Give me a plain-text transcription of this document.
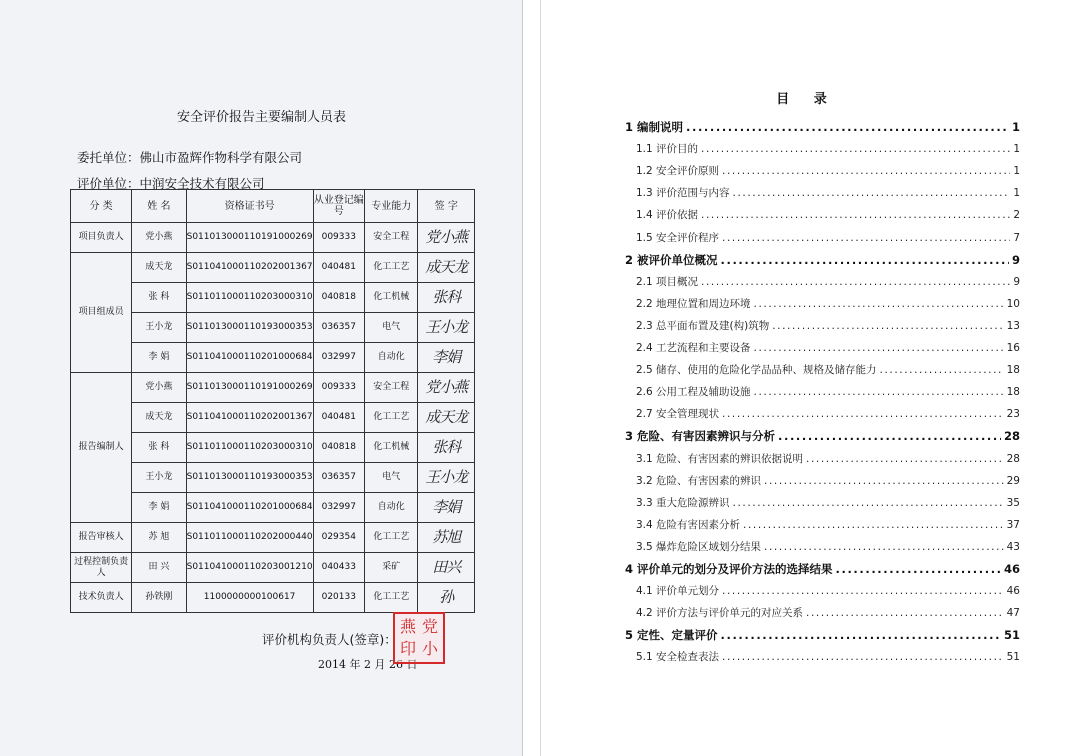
安全评价报告主要编制人员表
委托单位：佛山市盈辉作物科学有限公司
评价单位：中润安全技术有限公司
分 类	姓 名	资格证书号	从业登记编号	专业能力	签 字
项目负责人	党小燕	S011013000110191000269	009333	安全工程	党小燕
项目组成员	成天龙	S011041000110202001367	040481	化工工艺	成天龙
	张 科	S011011000110203000310	040818	化工机械	张科
	王小龙	S011013000110193000353	036357	电气	王小龙
	李 娟	S011041000110201000684	032997	自动化	李娟
报告编制人	党小燕	S011013000110191000269	009333	安全工程	党小燕
	成天龙	S011041000110202001367	040481	化工工艺	成天龙
	张 科	S011011000110203000310	040818	化工机械	张科
	王小龙	S011013000110193000353	036357	电气	王小龙
	李 娟	S011041000110201000684	032997	自动化	李娟
报告审核人	苏 旭	S011011000110202000440	029354	化工工艺	苏旭
过程控制负责人	田 兴	S011041000110203001210	040433	采矿	田兴
技术负责人	孙铁刚	1100000000100617	020133	化工工艺	孙
评价机构负责人(签章)：
2014 年 2 月 26 日
燕 党
印 小
目 录
1 编制说明 .....	1
1.1 评价目的 .....	1
1.2 安全评价原则 .....	1
1.3 评价范围与内容 .....	1
1.4 评价依据 .....	2
1.5 安全评价程序 .....	7
2 被评价单位概况 .....	9
2.1 项目概况 .....	9
2.2 地理位置和周边环境 .....	10
2.3 总平面布置及建(构)筑物 .....	13
2.4 工艺流程和主要设备 .....	16
2.5 储存、使用的危险化学品品种、规格及储存能力 .....	18
2.6 公用工程及辅助设施 .....	18
2.7 安全管理现状 .....	23
3 危险、有害因素辨识与分析 .....	28
3.1 危险、有害因素的辨识依据说明 .....	28
3.2 危险、有害因素的辨识 .....	29
3.3 重大危险源辨识 .....	35
3.4 危险有害因素分析 .....	37
3.5 爆炸危险区域划分结果 .....	43
4 评价单元的划分及评价方法的选择结果 .....	46
4.1 评价单元划分 .....	46
4.2 评价方法与评价单元的对应关系 .....	47
5 定性、定量评价 .....	51
5.1 安全检查表法 .....	51
